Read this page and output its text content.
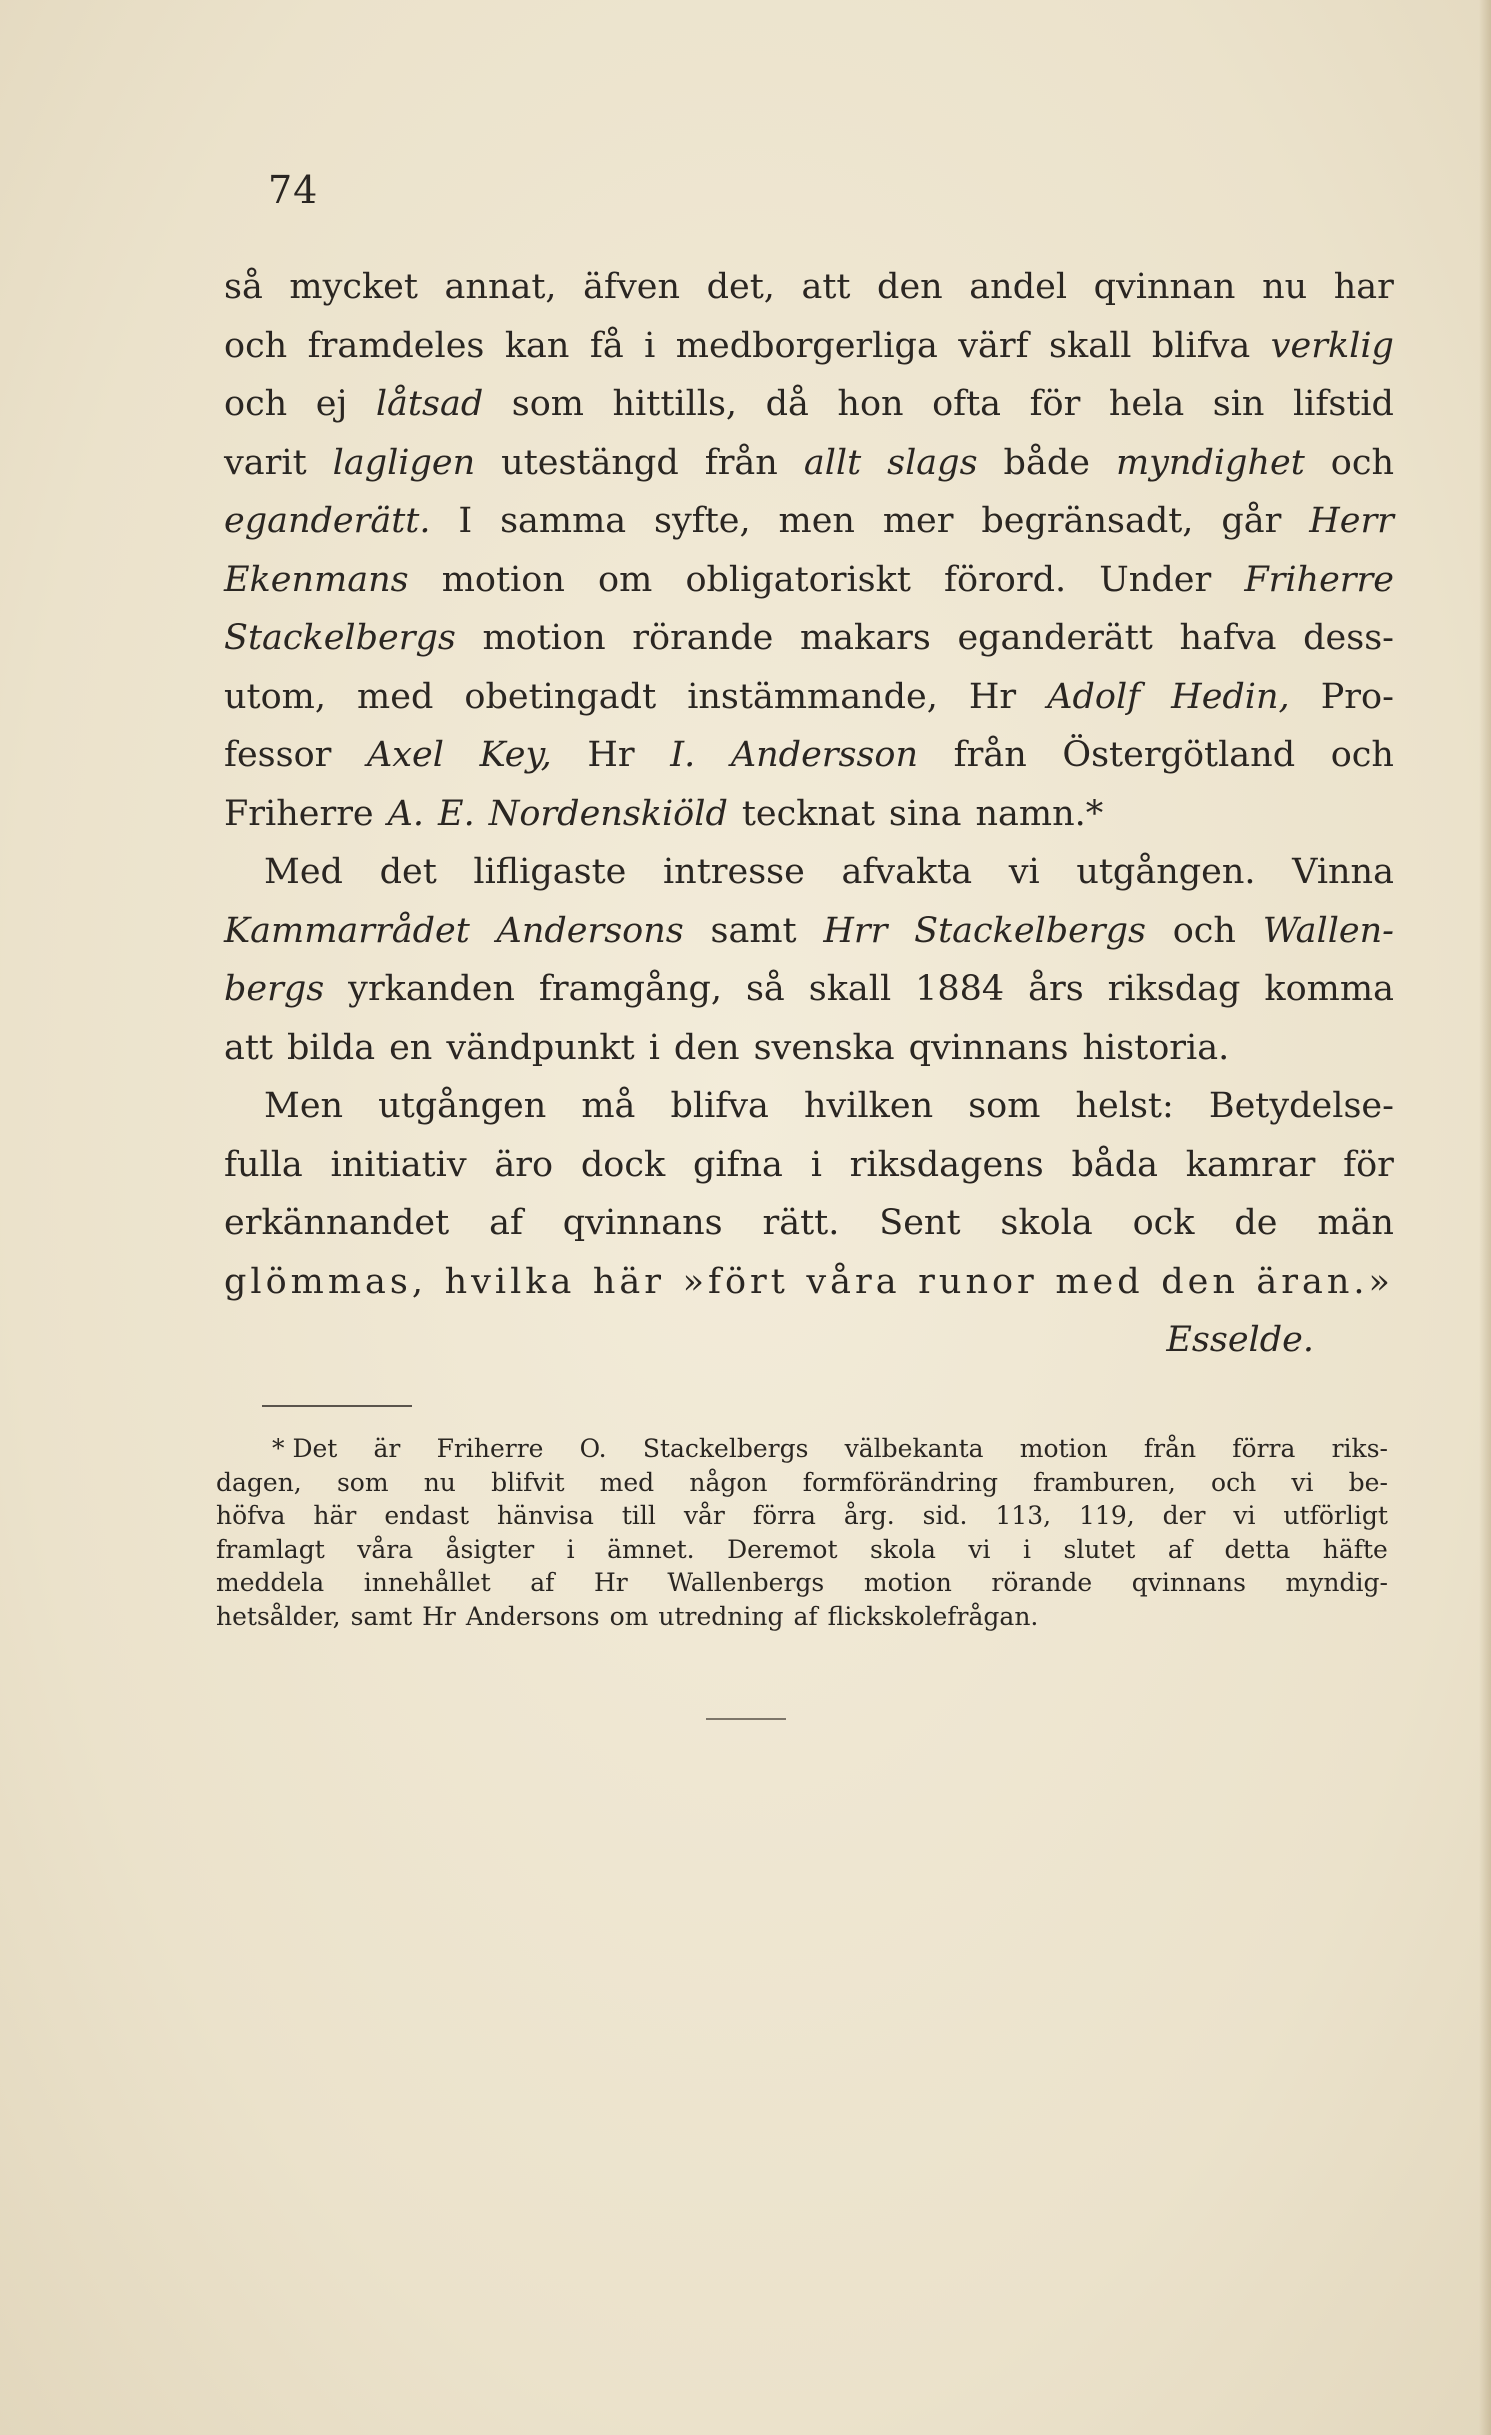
74
så mycket annat, äfven det, att den andel qvinnan nu har
och framdeles kan få i medborgerliga värf skall blifva verklig
och ej låtsad som hittills, då hon ofta för hela sin lifstid
varit lagligen utestängd från allt slags både myndighet och
eganderätt. I samma syfte, men mer begränsadt, går Herr
Ekenmans motion om obligatoriskt förord. Under Friherre
Stackelbergs motion rörande makars eganderätt hafva dess-
utom, med obetingadt instämmande, Hr Adolf Hedin, Pro-
fessor Axel Key, Hr I. Andersson från Östergötland och
Friherre A. E. Nordenskiöld tecknat sina namn.*
Med det lifligaste intresse afvakta vi utgången. Vinna
Kammarrådet Andersons samt Hrr Stackelbergs och Wallen-
bergs yrkanden framgång, så skall 1884 års riksdag komma
att bilda en vändpunkt i den svenska qvinnans historia.
Men utgången må blifva hvilken som helst: Betydelse-
fulla initiativ äro dock gifna i riksdagens båda kamrar för
erkännandet af qvinnans rätt. Sent skola ock de män
glömmas, hvilka här »fört våra runor med den äran.»
Esselde.
* Det är Friherre O. Stackelbergs välbekanta motion från förra riks-
dagen, som nu blifvit med någon formförändring framburen, och vi be-
höfva här endast hänvisa till vår förra årg. sid. 113, 119, der vi utförligt
framlagt våra åsigter i ämnet. Deremot skola vi i slutet af detta häfte
meddela innehållet af Hr Wallenbergs motion rörande qvinnans myndig-
hetsålder, samt Hr Andersons om utredning af flickskolefrågan.
